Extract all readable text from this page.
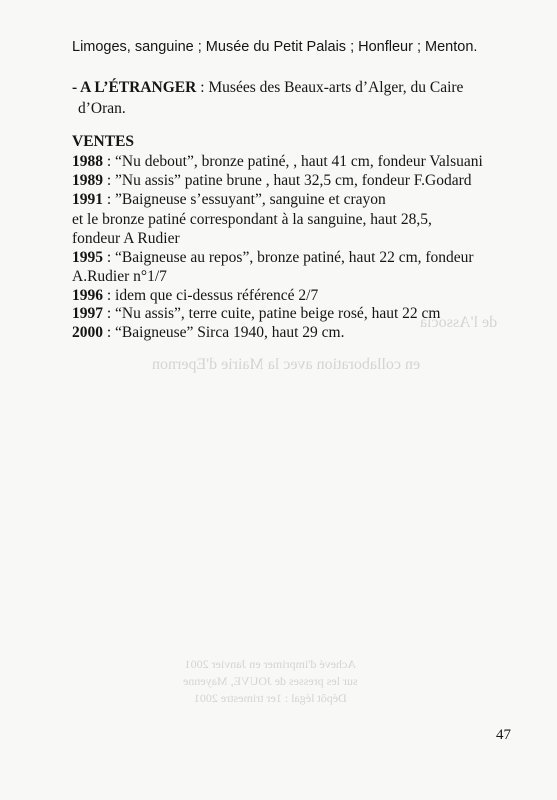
de l'Associa
en collaboration avec la Mairie d'Epernon
Achevé d'imprimer en Janvier 2001
sur les presses de JOUVE, Mayenne
Dépôt légal : 1er trimestre 2001
Limoges, sanguine ; Musée du Petit Palais ; Honfleur ; Menton.
- A L’ÉTRANGER : Musées des Beaux-arts d’Alger, du Caire
d’Oran.
VENTES
1988 : “Nu debout”, bronze patiné, , haut 41 cm, fondeur Valsuani
1989 : ”Nu assis” patine brune , haut 32,5 cm, fondeur F.Godard
1991 : ”Baigneuse s’essuyant”, sanguine et crayon
et le bronze patiné correspondant à la sanguine, haut 28,5,
fondeur A Rudier
1995 : “Baigneuse au repos”, bronze patiné, haut 22 cm, fondeur
A.Rudier n°1/7
1996 : idem que ci-dessus référencé 2/7
1997 : “Nu assis”, terre cuite, patine beige rosé, haut 22 cm
2000 : “Baigneuse” Sirca 1940, haut 29 cm.
47
